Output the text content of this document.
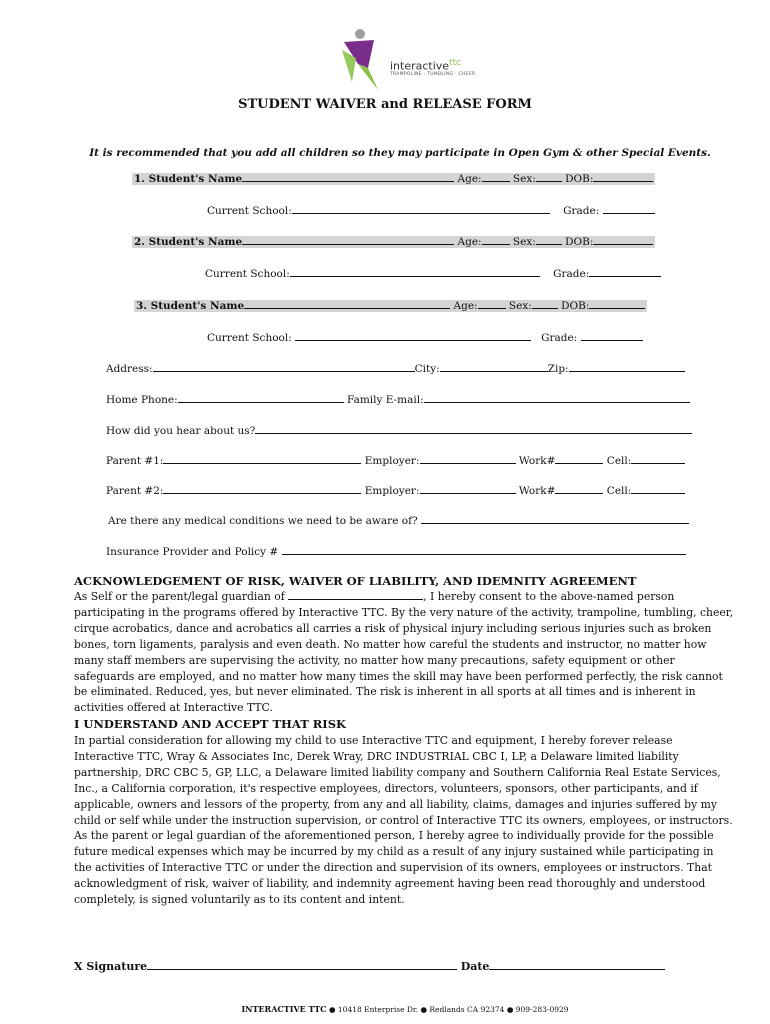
interactive$^{ttc}$
TRAMPOLINE · TUMBLING · CHEER
STUDENT WAIVER and RELEASE FORM
It is recommended that you add all children so they may participate in Open Gym & other Special Events.
1. Student's Name	Age:	Sex:	DOB:
Current School:	Grade:
2. Student's Name	Age:	Sex:	DOB:
Current School:	Grade:
3. Student's Name	Age:	Sex:	DOB:
Current School:	Grade:
Address:	City:	Zip:
Home Phone:	Family E-mail:
How did you hear about us?
Parent #1:	Employer:	Work#	Cell:
Parent #2:	Employer:	Work#	Cell:
Are there any medical conditions we need to be aware of?
Insurance Provider and Policy #
ACKNOWLEDGEMENT OF RISK, WAIVER OF LIABILITY, AND IDEMNITY AGREEMENT
As Self or the parent/legal guardian of	, I hereby consent to the above-named person participating in the programs offered by Interactive TTC. By the very nature of the activity, trampoline, tumbling, cheer, cirque acrobatics, dance and acrobatics all carries a risk of physical injury including serious injuries such as broken bones, torn ligaments, paralysis and even death. No matter how careful the students and instructor, no matter how many staff members are supervising the activity, no matter how many precautions, safety equipment or other safeguards are employed, and no matter how many times the skill may have been performed perfectly, the risk cannot be eliminated. Reduced, yes, but never eliminated. The risk is inherent in all sports at all times and is inherent in activities offered at Interactive TTC.
I UNDERSTAND AND ACCEPT THAT RISK
In partial consideration for allowing my child to use Interactive TTC and equipment, I hereby forever release Interactive TTC, Wray & Associates Inc, Derek Wray, DRC INDUSTRIAL CBC I, LP, a Delaware limited liability partnership, DRC CBC 5, GP, LLC, a Delaware limited liability company and Southern California Real Estate Services, Inc., a California corporation, it's respective employees, directors, volunteers, sponsors, other participants, and if applicable, owners and lessors of the property, from any and all liability, claims, damages and injuries suffered by my child or self while under the instruction supervision, or control of Interactive TTC its owners, employees, or instructors. As the parent or legal guardian of the aforementioned person, I hereby agree to individually provide for the possible future medical expenses which may be incurred by my child as a result of any injury sustained while participating in the activities of Interactive TTC or under the direction and supervision of its owners, employees or instructors. That acknowledgment of risk, waiver of liability, and indemnity agreement having been read thoroughly and understood completely, is signed voluntarily as to its content and intent.
X Signature	Date
INTERACTIVE TTC ● 10418 Enterprise Dr. ● Redlands CA 92374 ● 909-283-0929
